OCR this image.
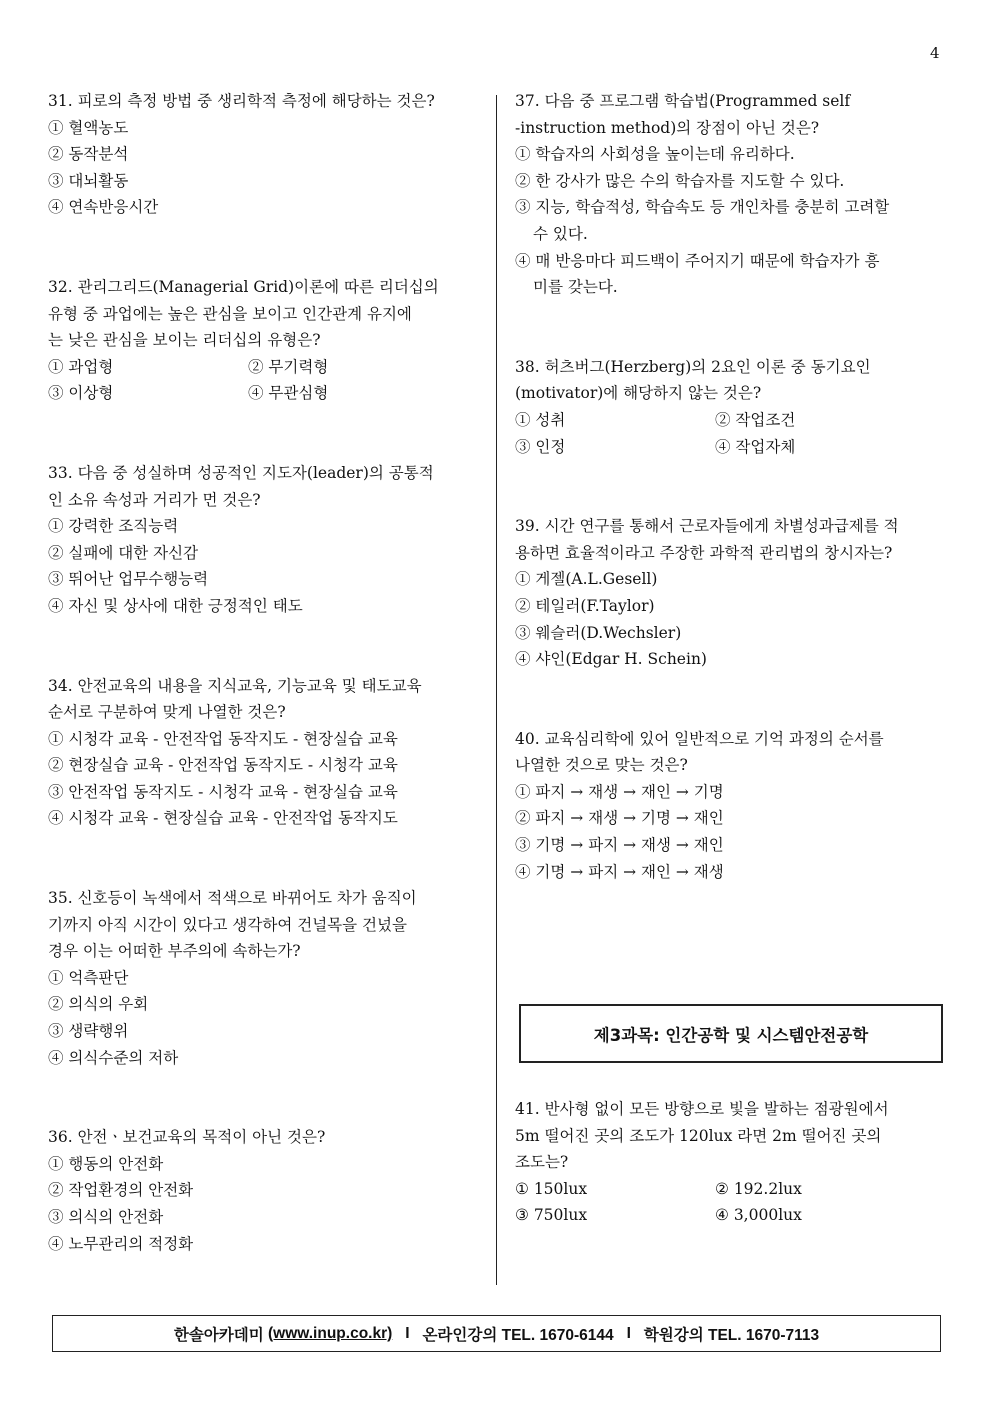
4
31. 피로의 측정 방법 중 생리학적 측정에 해당하는 것은?
① 혈액농도
② 동작분석
③ 대뇌활동
④ 연속반응시간
32. 관리그리드(Managerial Grid)이론에 따른 리더십의
유형 중 과업에는 높은 관심을 보이고 인간관계 유지에
는 낮은 관심을 보이는 리더십의 유형은?
① 과업형	② 무기력형
③ 이상형	④ 무관심형
33. 다음 중 성실하며 성공적인 지도자(leader)의 공통적
인 소유 속성과 거리가 먼 것은?
① 강력한 조직능력
② 실패에 대한 자신감
③ 뛰어난 업무수행능력
④ 자신 및 상사에 대한 긍정적인 태도
34. 안전교육의 내용을 지식교육, 기능교육 및 태도교육
순서로 구분하여 맞게 나열한 것은?
① 시청각 교육 - 안전작업 동작지도 - 현장실습 교육
② 현장실습 교육 - 안전작업 동작지도 - 시청각 교육
③ 안전작업 동작지도 - 시청각 교육 - 현장실습 교육
④ 시청각 교육 - 현장실습 교육 - 안전작업 동작지도
35. 신호등이 녹색에서 적색으로 바뀌어도 차가 움직이
기까지 아직 시간이 있다고 생각하여 건널목을 건넜을
경우 이는 어떠한 부주의에 속하는가?
① 억측판단
② 의식의 우회
③ 생략행위
④ 의식수준의 저하
36. 안전ㆍ보건교육의 목적이 아닌 것은?
① 행동의 안전화
② 작업환경의 안전화
③ 의식의 안전화
④ 노무관리의 적정화
37. 다음 중 프로그램 학습법(Programmed self
-instruction method)의 장점이 아닌 것은?
① 학습자의 사회성을 높이는데 유리하다.
② 한 강사가 많은 수의 학습자를 지도할 수 있다.
③ 지능, 학습적성, 학습속도 등 개인차를 충분히 고려할
수 있다.
④ 매 반응마다 피드백이 주어지기 때문에 학습자가 흥
미를 갖는다.
38. 허츠버그(Herzberg)의 2요인 이론 중 동기요인
(motivator)에 해당하지 않는 것은?
① 성취	② 작업조건
③ 인정	④ 작업자체
39. 시간 연구를 통해서 근로자들에게 차별성과급제를 적
용하면 효율적이라고 주장한 과학적 관리법의 창시자는?
① 게젤(A.L.Gesell)
② 테일러(F.Taylor)
③ 웨슬러(D.Wechsler)
④ 샤인(Edgar H. Schein)
40. 교육심리학에 있어 일반적으로 기억 과정의 순서를
나열한 것으로 맞는 것은?
① 파지 → 재생 → 재인 → 기명
② 파지 → 재생 → 기명 → 재인
③ 기명 → 파지 → 재생 → 재인
④ 기명 → 파지 → 재인 → 재생
제3과목: 인간공학 및 시스템안전공학
41. 반사형 없이 모든 방향으로 빛을 발하는 점광원에서
5m 떨어진 곳의 조도가 120lux 라면 2m 떨어진 곳의
조도는?
① 150lux	② 192.2lux
③ 750lux	④ 3,000lux
한솔아카데미
(www.inup.co.kr)
I
온라인강의 TEL. 1670-6144
I
학원강의 TEL. 1670-7113
